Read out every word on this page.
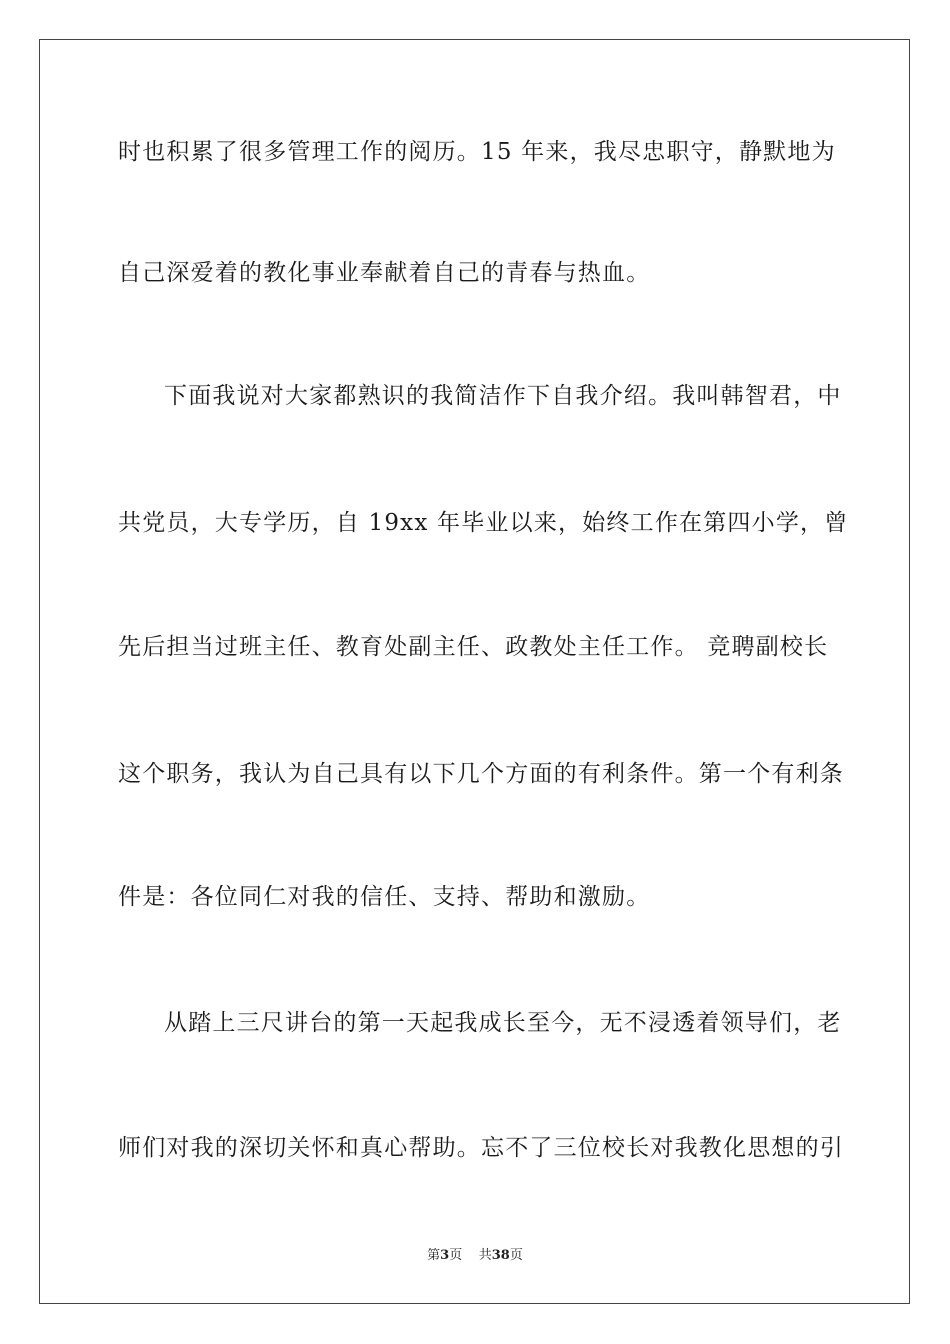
时也积累了很多管理工作的阅历。15 年来，我尽忠职守，静默地为
自己深爱着的教化事业奉献着自己的青春与热血。
下面我说对大家都熟识的我简洁作下自我介绍。我叫韩智君，中
共党员，大专学历，自 19xx 年毕业以来，始终工作在第四小学，曾
先后担当过班主任、教育处副主任、政教处主任工作。 竞聘副校长
这个职务，我认为自己具有以下几个方面的有利条件。第一个有利条
件是：各位同仁对我的信任、支持、帮助和激励。
从踏上三尺讲台的第一天起我成长至今，无不浸透着领导们，老
师们对我的深切关怀和真心帮助。忘不了三位校长对我教化思想的引
第3页 共38页
